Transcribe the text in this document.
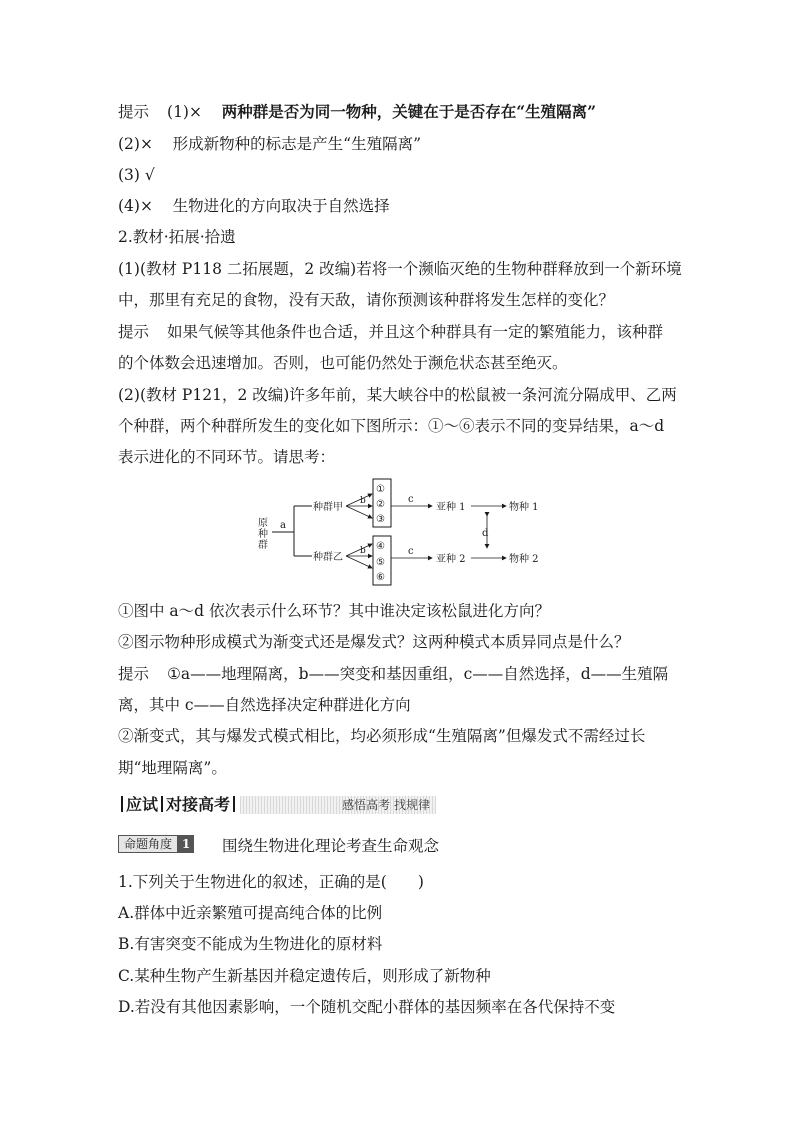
提示 (1)× 两种群是否为同一物种，关键在于是否存在“生殖隔离”
(2)× 形成新物种的标志是产生“生殖隔离”
(3) √
(4)× 生物进化的方向取决于自然选择
2.教材·拓展·拾遗
(1)(教材 P118 二拓展题，2 改编)若将一个濒临灭绝的生物种群释放到一个新环境
中，那里有充足的食物，没有天敌，请你预测该种群将发生怎样的变化？
提示 如果气候等其他条件也合适，并且这个种群具有一定的繁殖能力，该种群
的个体数会迅速增加。否则，也可能仍然处于濒危状态甚至绝灭。
(2)(教材 P121，2 改编)许多年前，某大峡谷中的松鼠被一条河流分隔成甲、乙两
个种群，两个种群所发生的变化如下图所示：①～⑥表示不同的变异结果，a～d
表示进化的不同环节。请思考：
原
种
群
a
种群甲
种群乙
b
b
①
②
③
④
⑤
⑥
c
c
亚种 1
亚种 2
物种 1
物种 2
d
①图中 a～d 依次表示什么环节？其中谁决定该松鼠进化方向？
②图示物种形成模式为渐变式还是爆发式？这两种模式本质异同点是什么？
提示 ①a——地理隔离，b——突变和基因重组，c——自然选择，d——生殖隔
离，其中 c——自然选择决定种群进化方向
②渐变式，其与爆发式模式相比，均必须形成“生殖隔离”但爆发式不需经过长
期“地理隔离”。
应试 对接高考	感悟高考 找规律
命题角度 1 围绕生物进化理论考查生命观念
1.下列关于生物进化的叙述，正确的是(　　)
A.群体中近亲繁殖可提高纯合体的比例
B.有害突变不能成为生物进化的原材料
C.某种生物产生新基因并稳定遗传后，则形成了新物种
D.若没有其他因素影响，一个随机交配小群体的基因频率在各代保持不变
